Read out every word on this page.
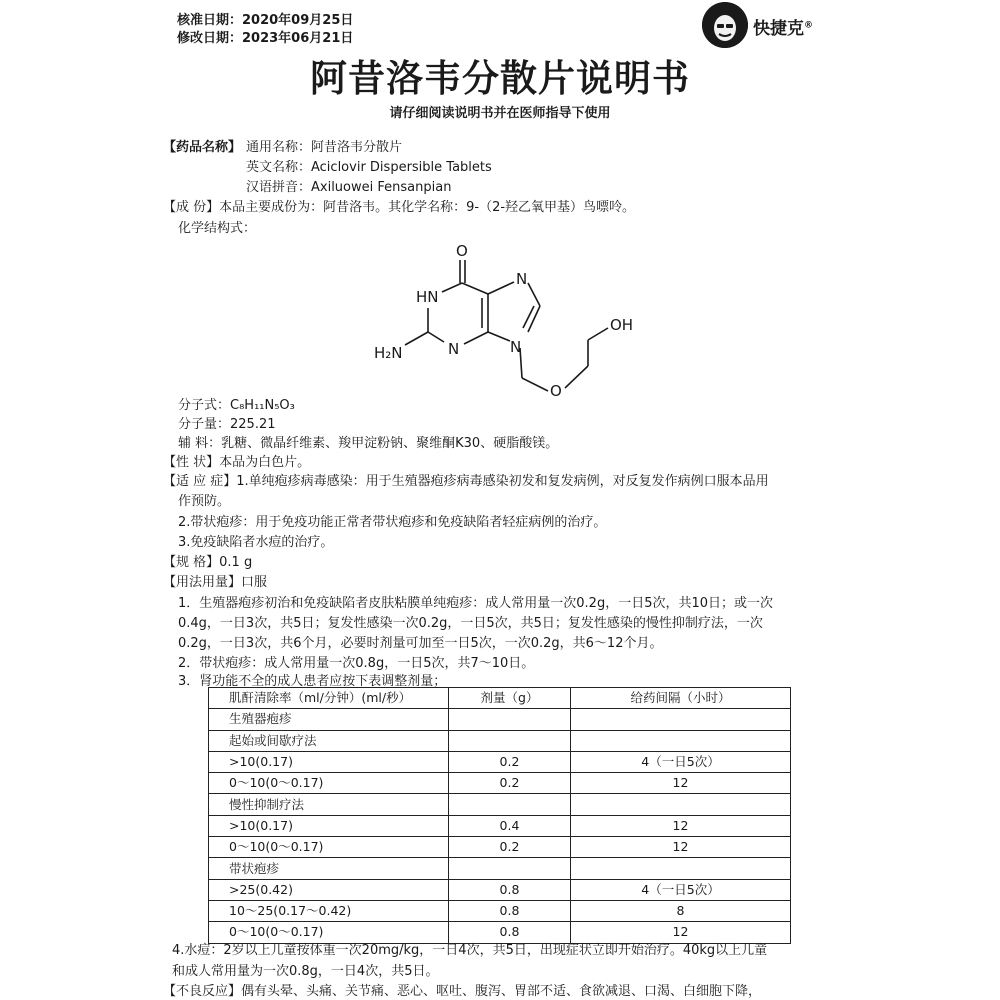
核准日期：2020年09月25日
修改日期：2023年06月21日	快捷克®
阿昔洛韦分散片说明书
请仔细阅读说明书并在医师指导下使用
【药品名称】 通用名称：阿昔洛韦分散片
英文名称：Aciclovir Dispersible Tablets
汉语拼音：Axiluowei Fensanpian
【成 份】本品主要成份为：阿昔洛韦。其化学名称：9-（2-羟乙氧甲基）鸟嘌呤。
化学结构式：
O
HN
N
N
N
O
OH
H₂N
分子式：C₈H₁₁N₅O₃
分子量：225.21
辅 料：乳糖、微晶纤维素、羧甲淀粉钠、聚维酮K30、硬脂酸镁。
【性 状】本品为白色片。
【适 应 症】1.单纯疱疹病毒感染：用于生殖器疱疹病毒感染初发和复发病例，对反复发作病例口服本品用
作预防。
2.带状疱疹：用于免疫功能正常者带状疱疹和免疫缺陷者轻症病例的治疗。
3.免疫缺陷者水痘的治疗。
【规 格】0.1 g
【用法用量】口服
1．生殖器疱疹初治和免疫缺陷者皮肤粘膜单纯疱疹：成人常用量一次0.2g，一日5次，共10日；或一次
0.4g，一日3次，共5日；复发性感染一次0.2g，一日5次，共5日；复发性感染的慢性抑制疗法，一次
0.2g，一日3次，共6个月，必要时剂量可加至一日5次，一次0.2g，共6～12个月。
2．带状疱疹：成人常用量一次0.8g，一日5次，共7～10日。
3．肾功能不全的成人患者应按下表调整剂量；
肌酐清除率（ml/分钟）(ml/秒）	剂量（g）	给药间隔（小时）
生殖器疱疹		
起始或间歇疗法		
>10(0.17)	0.2	4（一日5次）
0～10(0～0.17)	0.2	12
慢性抑制疗法		
>10(0.17)	0.4	12
0～10(0～0.17)	0.2	12
带状疱疹		
>25(0.42)	0.8	4（一日5次）
10～25(0.17～0.42)	0.8	8
0～10(0～0.17)	0.8	12
4.水痘：2岁以上儿童按体重一次20mg/kg，一日4次，共5日，出现症状立即开始治疗。40kg以上儿童
和成人常用量为一次0.8g，一日4次，共5日。
【不良反应】偶有头晕、头痛、关节痛、恶心、呕吐、腹泻、胃部不适、食欲减退、口渴、白细胞下降，
